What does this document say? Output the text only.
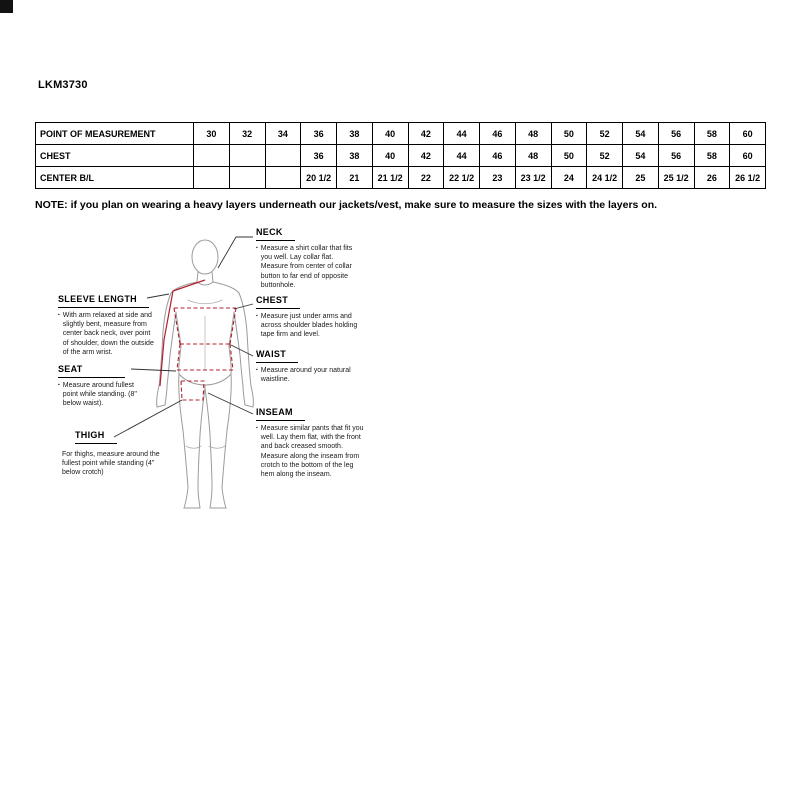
LKM3730
POINT OF MEASUREMENT	30	32	34	36	38	40	42	44	46	48	50	52	54	56	58	60
CHEST				36	38	40	42	44	46	48	50	52	54	56	58	60
CENTER B/L				20 1/2	21	21 1/2	22	22 1/2	23	23 1/2	24	24 1/2	25	25 1/2	26	26 1/2
NOTE: if you plan on wearing a heavy layers underneath our jackets/vest, make sure to measure the sizes with the layers on.
NECK
▪ Measure a shirt collar that fits you well. Lay collar flat. Measure from center of collar button to far end of opposite buttonhole.
CHEST
▪ Measure just under arms and across shoulder blades holding tape firm and level.
WAIST
▪ Measure around your natural waistline.
INSEAM
▪ Measure similar pants that fit you well. Lay them flat, with the front and back creased smooth. Measure along the inseam from crotch to the bottom of the leg hem along the inseam.
SLEEVE LENGTH
▪ With arm relaxed at side and slightly bent, measure from center back neck, over point of shoulder, down the outside of the arm wrist.
SEAT
▪ Measure around fullest point while standing. (8" below waist).
THIGH
For thighs, measure around the fullest point while standing (4" below crotch)
